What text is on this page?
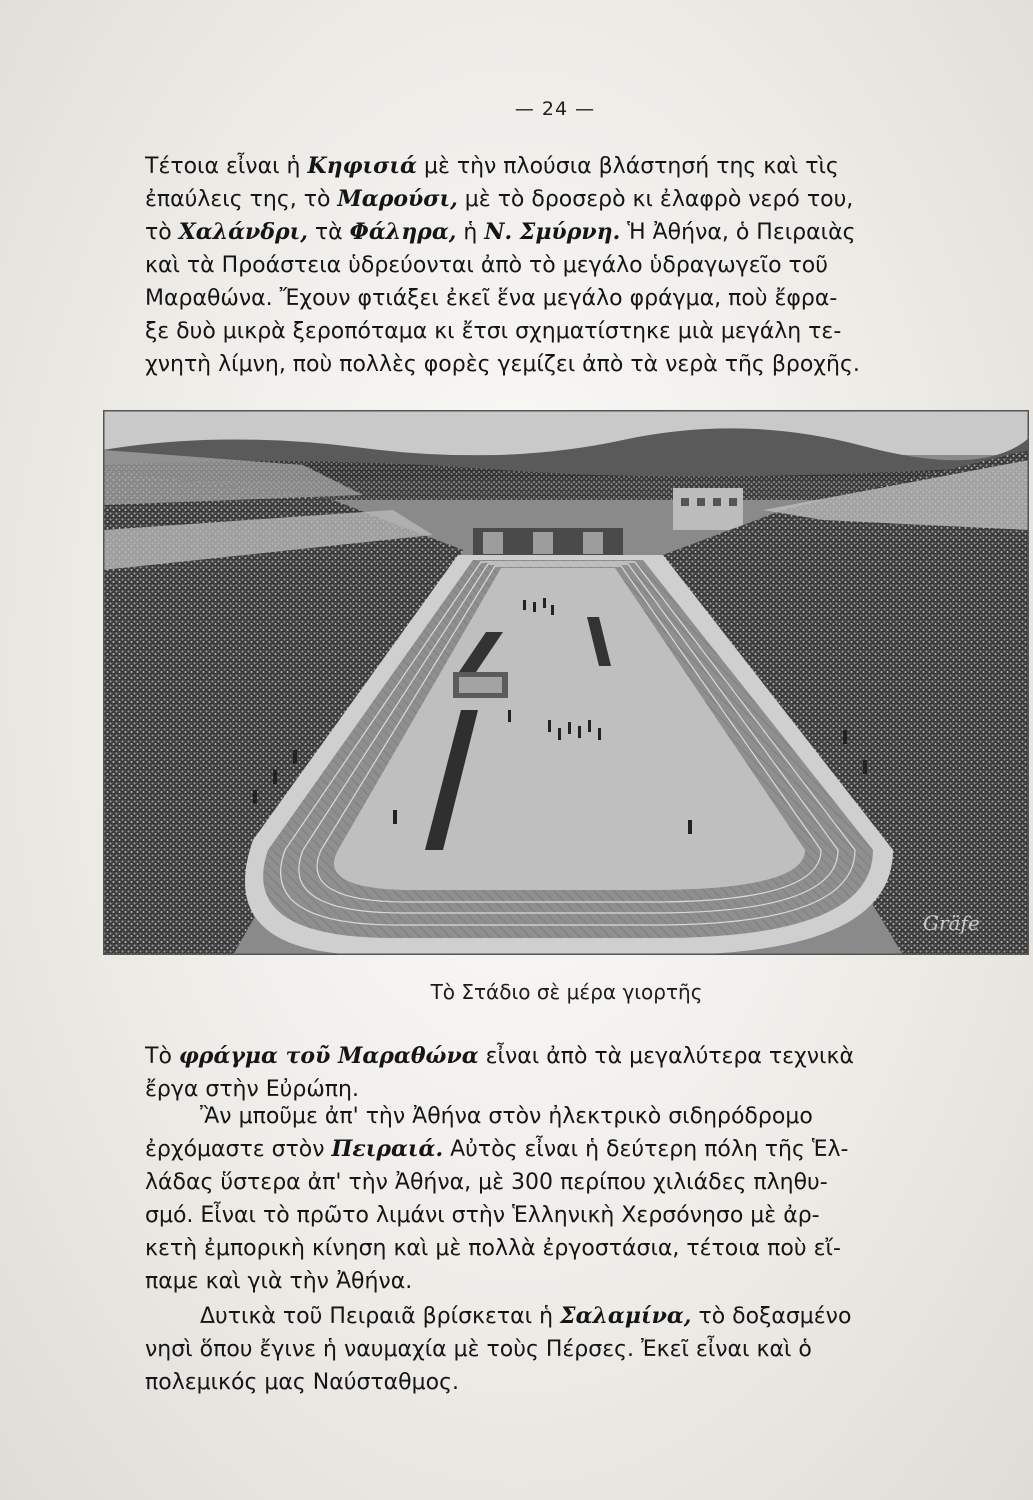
— 24 —
Τέτοια εἶναι ἡ Κηφισιά μὲ τὴν πλούσια βλάστησή της καὶ τὶς
ἐπαύλεις της, τὸ Μαρούσι, μὲ τὸ δροσερὸ κι ἐλαφρὸ νερό του,
τὸ Χαλάνδρι, τὰ Φάληρα, ἡ Ν. Σμύρνη. Ἡ Ἀθήνα, ὁ Πειραιὰς
καὶ τὰ Προάστεια ὑδρεύονται ἀπὸ τὸ μεγάλο ὑδραγωγεῖο τοῦ
Μαραθώνα. Ἔχουν φτιάξει ἐκεῖ ἕνα μεγάλο φράγμα, ποὺ ἔφρα-
ξε δυὸ μικρὰ ξεροπόταμα κι ἔτσι σχηματίστηκε μιὰ μεγάλη τε-
χνητὴ λίμνη, ποὺ πολλὲς φορὲς γεμίζει ἀπὸ τὰ νερὰ τῆς βροχῆς.
Gräfe
Τὸ Στάδιο σὲ μέρα γιορτῆς
Τὸ φράγμα τοῦ Μαραθώνα εἶναι ἀπὸ τὰ μεγαλύτερα τεχνικὰ
ἔργα στὴν Εὐρώπη.
Ἂν μποῦμε ἀπ' τὴν Ἀθήνα στὸν ἠλεκτρικὸ σιδηρόδρομο
ἐρχόμαστε στὸν Πειραιά. Αὐτὸς εἶναι ἡ δεύτερη πόλη τῆς Ἑλ-
λάδας ὕστερα ἀπ' τὴν Ἀθήνα, μὲ 300 περίπου χιλιάδες πληθυ-
σμό. Εἶναι τὸ πρῶτο λιμάνι στὴν Ἑλληνικὴ Χερσόνησο μὲ ἀρ-
κετὴ ἐμπορικὴ κίνηση καὶ μὲ πολλὰ ἐργοστάσια, τέτοια ποὺ εἴ-
παμε καὶ γιὰ τὴν Ἀθήνα.
Δυτικὰ τοῦ Πειραιᾶ βρίσκεται ἡ Σαλαμίνα, τὸ δοξασμένο
νησὶ ὅπου ἔγινε ἡ ναυμαχία μὲ τοὺς Πέρσες. Ἐκεῖ εἶναι καὶ ὁ
πολεμικός μας Ναύσταθμος.
